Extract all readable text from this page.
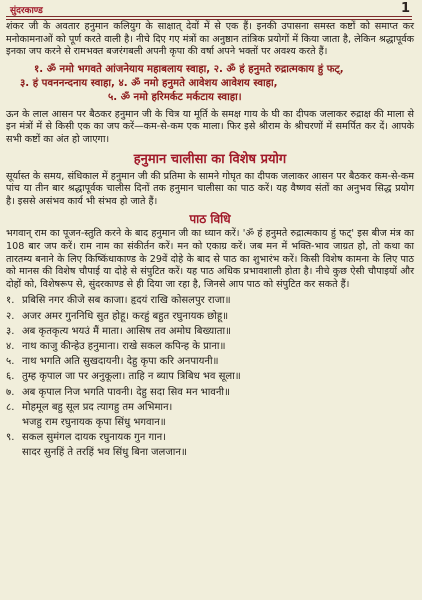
सुंदरकाण्ड	1

शंकर जी के अवतार हनुमान कलियुग के साक्षात् देवों में से एक हैं। इनकी उपासना समस्त कष्टों को समाप्त कर मनोकामनाओं को पूर्ण करते वाली है। नीचे दिए गए मंत्रों का अनुष्ठान तांत्रिक प्रयोगों में किया जाता है, लेकिन श्रद्धापूर्वक इनका जप करने से रामभक्त बजरंगबली अपनी कृपा की वर्षा अपने भक्तों पर अवश्य करते हैं।

१. ॐ नमो भगवते आंजनेयाय महाबलाय स्वाहा, २. ॐ हं हनुमते रुद्रात्मकाय हुं फट्,
३. हं पवननन्दनाय स्वाहा, ४. ॐ नमो हनुमते आवेशय आवेशय स्वाहा,
५. ॐ नमो हरिमर्कट मर्कटाय स्वाहा।

ऊन के लाल आसन पर बैठकर हनुमान जी के चित्र या मूर्ति के समक्ष गाय के घी का दीपक जलाकर रुद्राक्ष की माला से इन मंत्रों में से किसी एक का जप करें—कम-से-कम एक माला। फिर इसे श्रीराम के श्रीचरणों में समर्पित कर दें। आपके सभी कष्टों का अंत हो जाएगा।

हनुमान चालीसा का विशेष प्रयोग

सूर्यास्त के समय, संधिकाल में हनुमान जी की प्रतिमा के सामने गोघृत का दीपक जलाकर आसन पर बैठकर कम-से-कम पांच या तीन बार श्रद्धापूर्वक चालीस दिनों तक हनुमान चालीसा का पाठ करें। यह वैष्णव संतों का अनुभव सिद्ध प्रयोग है। इससे असंभव कार्य भी संभव हो जाते हैं।

पाठ विधि

भगवान् राम का पूजन-स्तुति करने के बाद हनुमान जी का ध्यान करें। 'ॐ हं हनुमते रुद्रात्मकाय हुं फट्' इस बीज मंत्र का 108 बार जप करें। राम नाम का संकीर्तन करें। मन को एकाग्र करें। जब मन में भक्ति-भाव जाग्रत हो, तो कथा का तारतम्य बनाने के लिए किष्किंधाकाण्ड के 29वें दोहे के बाद से पाठ का शुभारंभ करें। किसी विशेष कामना के लिए पाठ को मानस की विशेष चौपाई या दोहे से संपुटित करें। यह पाठ अधिक प्रभावशाली होता है। नीचे कुछ ऐसी चौपाइयों और दोहों को, विशेषरूप से, सुंदरकाण्ड से ही दिया जा रहा है, जिनसे आप पाठ को संपुटित कर सकते हैं।

१. प्रबिसि नगर कीजे सब काजा। हृदयं राखि कोसलपुर राजा॥
२. अजर अमर गुननिधि सुत होहू। करहुं बहुत रघुनायक छोहू॥
३. अब कृतकृत्य भयउं मैं माता। आसिष तव अमोघ बिख्याता॥
४. नाथ काजु कीन्हेउ हनुमाना। राखे सकल कपिन्ह के प्राना॥
५. नाथ भगति अति सुखदायनी। देहु कृपा करि अनपायनी॥
६. तुम्ह कृपाल जा पर अनुकूला। ताहि न ब्याप त्रिबिध भव सूला॥
७. अब कृपाल निज भगति पावनी। देहु सदा सिव मन भावनी॥
८. मोहमूल बहु सूल प्रद त्यागहु तम अभिमान।
भजहु राम रघुनायक कृपा सिंधु भगवान॥
९. सकल सुमंगल दायक रघुनायक गुन गान।
सादर सुनहिं ते तरहिं भव सिंधु बिना जलजान॥
